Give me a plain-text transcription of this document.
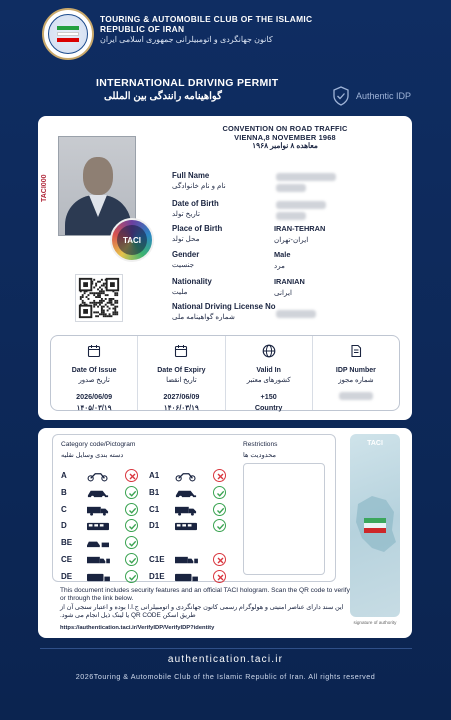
TOURING & AUTOMOBILE CLUB OF THE ISLAMIC REPUBLIC OF IRAN
کانون جهانگردی و اتومبیلرانی جمهوری اسلامی ایران
INTERNATIONAL DRIVING PERMIT
گواهینامه رانندگی بین المللی	Authentic IDP
CONVENTION ON ROAD TRAFFIC
VIENNA,8 NOVEMBER 1968
معاهده ۸ نوامبر ۱۹۶۸
TACI000
TACI
Full Name
نام و نام خانوادگی
Date of Birth
تاریخ تولد
Place of Birth
محل تولد
IRAN-TEHRAN
ایران-تهران
Gender
جنسیت
Male
مرد
Nationality
ملیت
IRANIAN
ایرانی
National Driving License No
شماره گواهینامه ملی
Date Of Issue
تاریخ صدور
2026/06/09
۱۴۰۵/۰۳/۱۹
Date Of Expiry
تاریخ انقضا
2027/06/09
۱۴۰۶/۰۳/۱۹
Valid In
کشورهای معتبر
+150
Country
IDP Number
شماره مجوز
Category code/Pictogram
دسته بندی وسایل نقلیه
Restrictions
محدودیت ها
A
B
C
D
BE
CE
DE
A1
B1
C1
D1
C1E
D1E
This document includes security features and an official TACI hologram. Scan the QR code to verify or through the link below.
این سند دارای عناصر امنیتی و هولوگرام رسمی کانون جهانگردی و اتومبیلرانی ج.ا.ا بوده و اعتبار سنجی آن از طریق اسکن QR CODE یا لینک ذیل انجام می شود.
https://authentication.taci.ir/VerifyIDP/VerifyIDP?identity
TACI
signature of authority
authentication.taci.ir
2026Touring & Automobile Club of the Islamic Republic of Iran. All rights reserved
